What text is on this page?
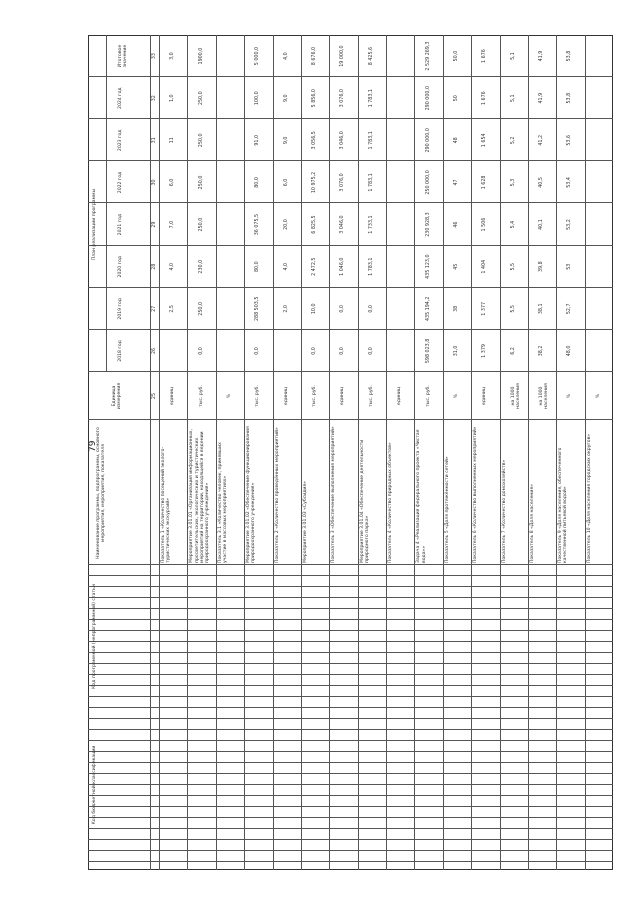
79
Код бюджетной классификации
Код программной (непрограммной) статьи
Наименование программы, подпрограммы, основного мероприятия, мероприятия, показателя
Единица измерения
План реализации программы
2018 год
2019 год
2020 год
2021 год
2022 год
2023 год
2024 год
Итоговое значение
25
26
27
28
29
30
31
32
33
Показатель 1 «Количество посещений эколого-туристических экскурсий»
единиц
2,5
4,0
7,0
6,0
11
1,0
3,0
Мероприятие 3.01.01 «Организация информационных, просветительских, экологических и туристических мероприятий на территории, находящейся в ведении природоохранного учреждения»
тыс. руб.
0,0
250,0
230,0
250,0
250,0
250,0
250,0
1900,0
Показатель 3.1 «Количество человек, принявших участие в массовых мероприятиях»
%
Мероприятие 3.01.02 «Обеспечение функционирования природоохранного учреждения»
тыс. руб.
0,0
288 503,5
80,0
36 075,5
80,0
91,0
100,0
5 000,0
Показатель 2 «Количество проведённых мероприятий»
единиц
2,0
4,0
20,0
6,0
9,0
9,0
4,0
Мероприятие 3.01.03 «Субсидия»
тыс. руб.
0,0
10,0
2 472,5
6 825,5
10 975,2
3 056,5
5 856,0
8 676,0
Показатель 3 «Обеспечение выполнения мероприятий»
единиц
0,0
0,0
1 046,0
3 046,0
3 076,0
3 046,0
3 076,0
19 000,0
Мероприятие 3.01.04 «Обеспечение деятельности природного парка»
тыс. руб.
0,0
0,0
1 783,1
1 733,1
1 783,1
1 783,1
1 783,1
8 425,6
Показатель 4 «Количество природных объектов»
единиц
Задача 4 «Реализация федерального проекта «Чистая вода»»
тыс. руб.
598 023,8
435 194,2
435 123,0
230 928,3
250 000,0
290 000,0
290 000,0
2 529 269,3
Показатель 5 «Доля протяжённости сетей»
%
31,0
38
45
46
47
48
50
50,0
Показатель 6 «Количество выполненных мероприятий»
единиц
1 379
1 377
1 404
1 506
1 628
1 654
1 676
1 676
Показатель 7 «Количество домохозяйств»
на 1000 населения
6,2
5,5
5,5
5,4
5,3
5,2
5,1
5,1
Показатель 8 «Доля населения»
на 1000 населения
38,2
38,1
39,8
40,1
40,5
41,2
41,9
41,9
Показатель 9 «Доля населения, обеспеченного качественной питьевой водой»
%
48,0
52,7
53
53,2
53,4
53,6
53,8
53,8
Показатель 10 «Доля населения городских округов»
%
